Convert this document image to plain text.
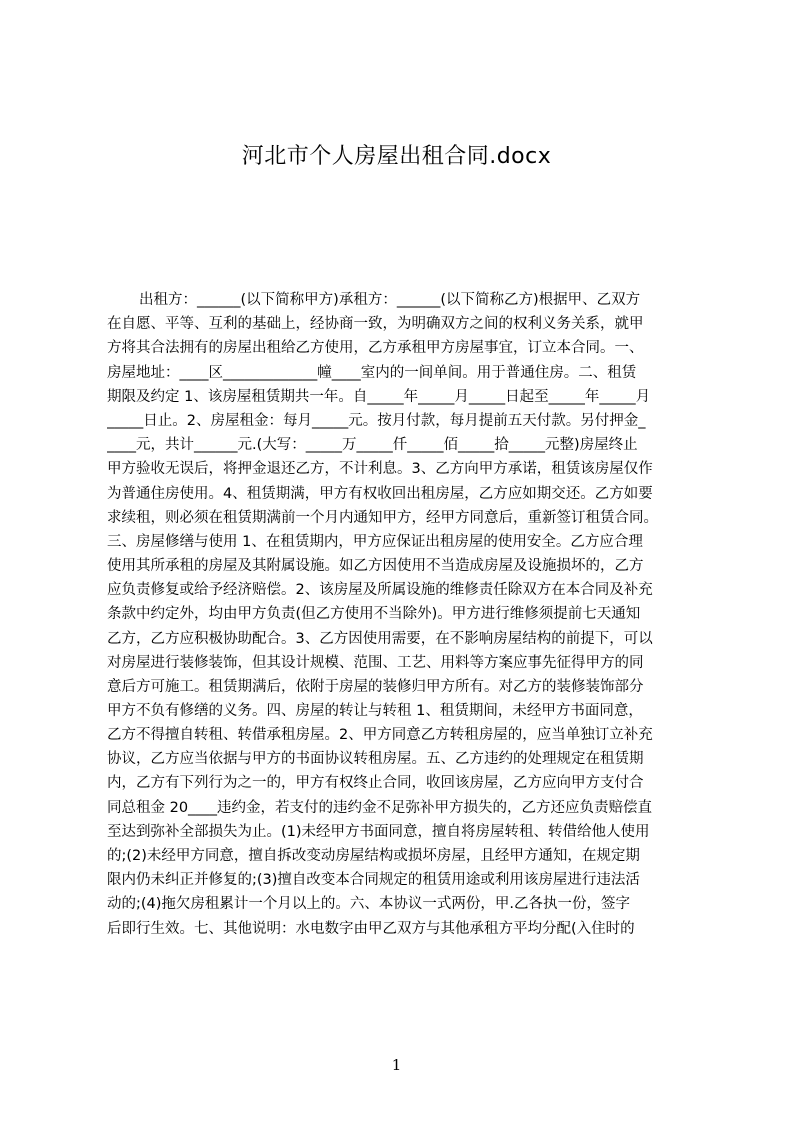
河北市个人房屋出租合同.docx
出租方：______(以下简称甲方)承租方：______(以下简称乙方)根据甲、乙双方
在自愿、平等、互利的基础上，经协商一致，为明确双方之间的权利义务关系，就甲
方将其合法拥有的房屋出租给乙方使用，乙方承租甲方房屋事宜，订立本合同。一、
房屋地址：____区_____________幢____室内的一间单间。用于普通住房。二、租赁
期限及约定 1、该房屋租赁期共一年。自_____年_____月_____日起至_____年_____月
_____日止。2、房屋租金：每月_____元。按月付款，每月提前五天付款。另付押金_
____元，共计______元.(大写：_____万_____仟_____佰_____拾_____元整)房屋终止
甲方验收无误后，将押金退还乙方，不计利息。3、乙方向甲方承诺，租赁该房屋仅作
为普通住房使用。4、租赁期满，甲方有权收回出租房屋，乙方应如期交还。乙方如要
求续租，则必须在租赁期满前一个月内通知甲方，经甲方同意后，重新签订租赁合同。
三、房屋修缮与使用 1、在租赁期内，甲方应保证出租房屋的使用安全。乙方应合理
使用其所承租的房屋及其附属设施。如乙方因使用不当造成房屋及设施损坏的，乙方
应负责修复或给予经济赔偿。2、该房屋及所属设施的维修责任除双方在本合同及补充
条款中约定外，均由甲方负责(但乙方使用不当除外)。甲方进行维修须提前七天通知
乙方，乙方应积极协助配合。3、乙方因使用需要，在不影响房屋结构的前提下，可以
对房屋进行装修装饰，但其设计规模、范围、工艺、用料等方案应事先征得甲方的同
意后方可施工。租赁期满后，依附于房屋的装修归甲方所有。对乙方的装修装饰部分
甲方不负有修缮的义务。四、房屋的转让与转租 1、租赁期间，未经甲方书面同意，
乙方不得擅自转租、转借承租房屋。2、甲方同意乙方转租房屋的，应当单独订立补充
协议，乙方应当依据与甲方的书面协议转租房屋。五、乙方违约的处理规定在租赁期
内，乙方有下列行为之一的，甲方有权终止合同，收回该房屋，乙方应向甲方支付合
同总租金 20____违约金，若支付的违约金不足弥补甲方损失的，乙方还应负责赔偿直
至达到弥补全部损失为止。(1)未经甲方书面同意，擅自将房屋转租、转借给他人使用
的;(2)未经甲方同意，擅自拆改变动房屋结构或损坏房屋，且经甲方通知，在规定期
限内仍未纠正并修复的;(3)擅自改变本合同规定的租赁用途或利用该房屋进行违法活
动的;(4)拖欠房租累计一个月以上的。六、本协议一式两份，甲.乙各执一份，签字
后即行生效。七、其他说明：水电数字由甲乙双方与其他承租方平均分配(入住时的
1
